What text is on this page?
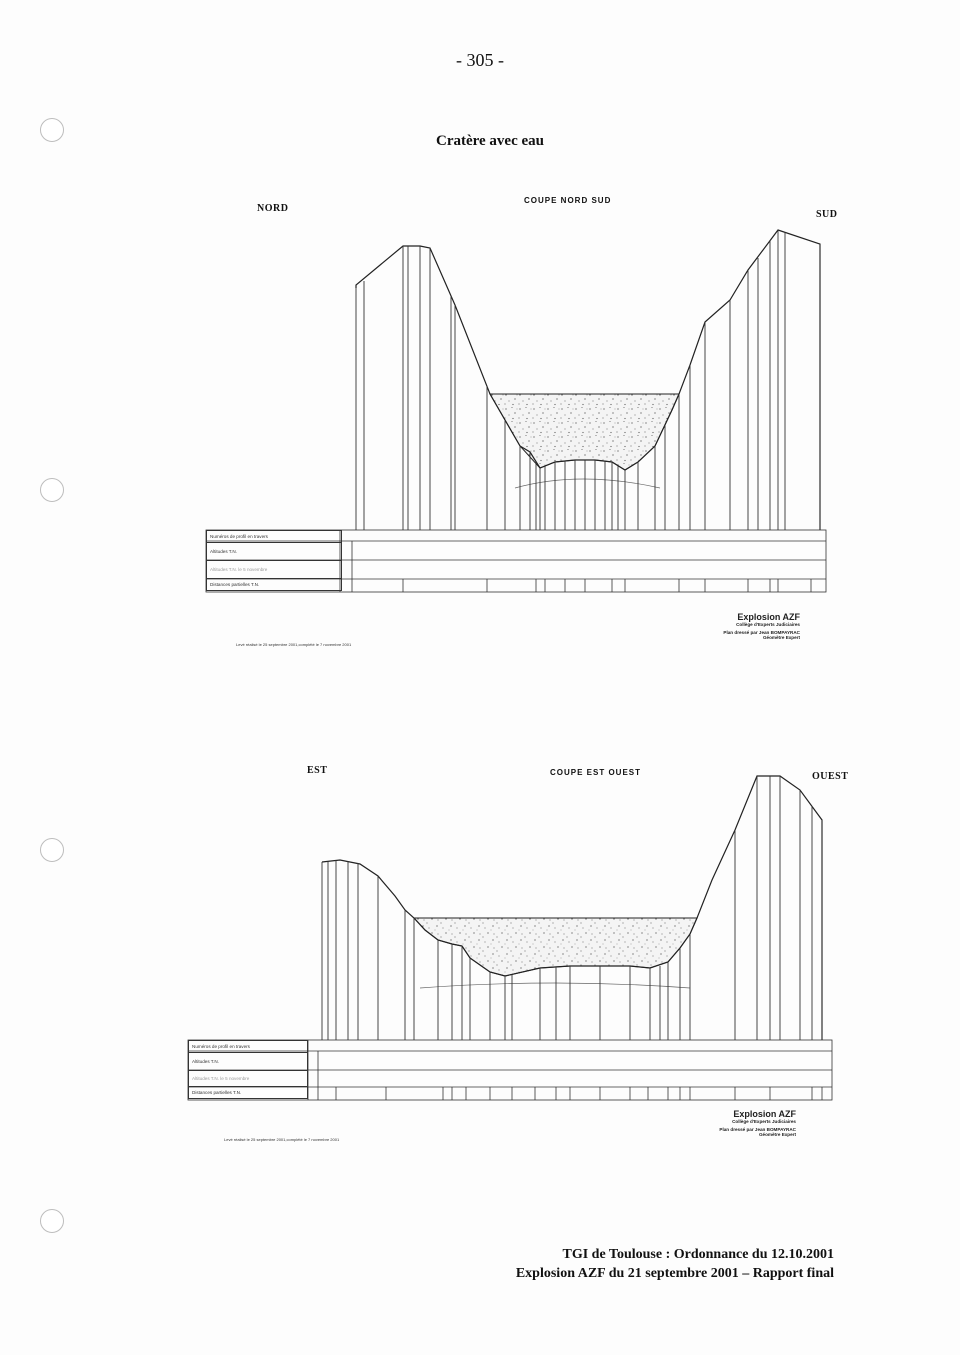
- 305 -
Cratère avec eau
NORD
COUPE NORD SUD
SUD
Numéros de profil en travers
Altitudes T.N.
Altitudes T.N. le 5 novembre
Distances partielles T.N.
Explosion AZF
Collège d'Experts Judiciaires
Plan dressé par Jean BOMPAYRAC
Géomètre Expert
Levé réalisé le 25 septembre 2001,complété le 7 novembre 2001
EST	COUPE EST OUEST	OUEST
Numéros de profil en travers
Altitudes T.N.
Altitudes T.N. le 5 novembre
Distances partielles T.N.
Explosion AZF
Collège d'Experts Judiciaires
Plan dressé par Jean BOMPAYRAC
Géomètre Expert
Levé réalisé le 25 septembre 2001,complété le 7 novembre 2001
TGI de Toulouse : Ordonnance du 12.10.2001
Explosion AZF du 21 septembre 2001 – Rapport final
